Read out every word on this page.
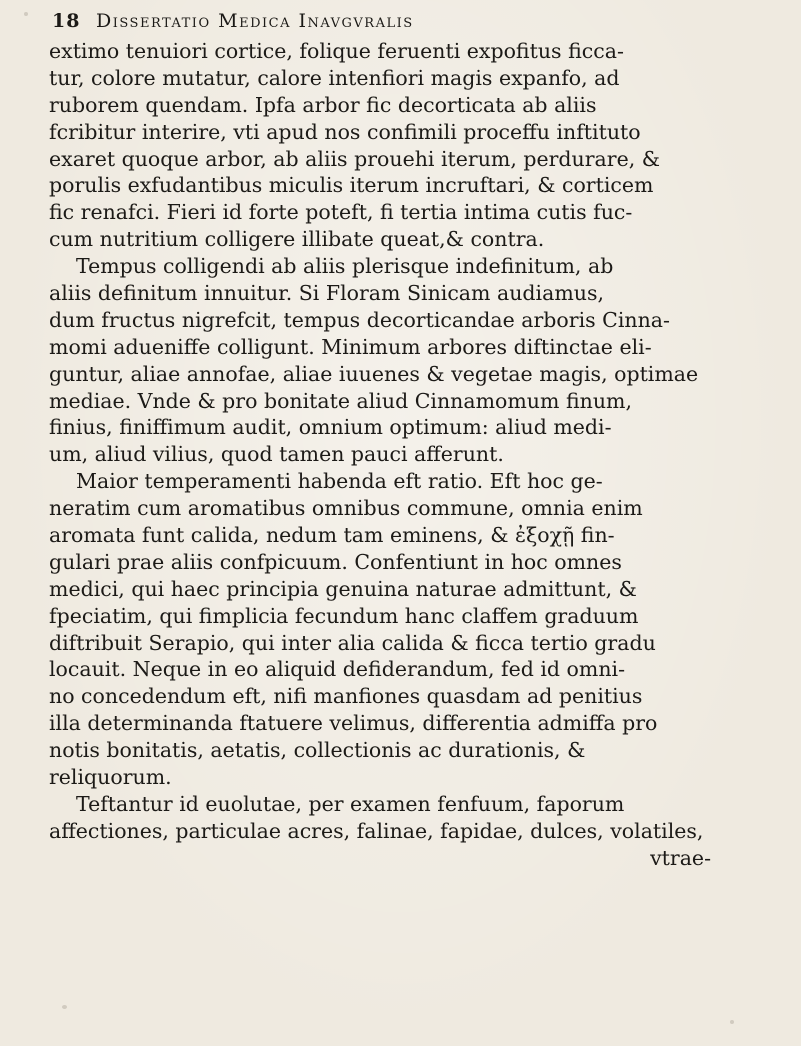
18 Dissertatio Medica Inavgvralis
extimo tenuiori cortice, folique feruenti expofitus ficca-
tur, colore mutatur, calore intenfiori magis expanfo, ad
ruborem quendam. Ipfa arbor fic decorticata ab aliis
fcribitur interire, vti apud nos confimili proceffu inftituto
exaret quoque arbor, ab aliis prouehi iterum, perdurare, &
porulis exfudantibus miculis iterum incruftari, & corticem
fic renafci. Fieri id forte poteft, fi tertia intima cutis fuc-
cum nutritium colligere illibate queat,& contra.
Tempus colligendi ab aliis plerisque indefinitum, ab
aliis definitum innuitur. Si Floram Sinicam audiamus,
dum fructus nigrefcit, tempus decorticandae arboris Cinna-
momi adueniffe colligunt. Minimum arbores diftinctae eli-
guntur, aliae annofae, aliae iuuenes & vegetae magis, optimae
mediae. Vnde & pro bonitate aliud Cinnamomum finum,
finius, finiffimum audit, omnium optimum: aliud medi-
um, aliud vilius, quod tamen pauci afferunt.
Maior temperamenti habenda eft ratio. Eft hoc ge-
neratim cum aromatibus omnibus commune, omnia enim
aromata funt calida, nedum tam eminens, & ἐξοχῇ fin-
gulari prae aliis confpicuum. Confentiunt in hoc omnes
medici, qui haec principia genuina naturae admittunt, &
fpeciatim, qui fimplicia fecundum hanc claffem graduum
diftribuit Serapio, qui inter alia calida & ficca tertio gradu
locauit. Neque in eo aliquid defiderandum, fed id omni-
no concedendum eft, nifi manfiones quasdam ad penitius
illa determinanda ftatuere velimus, differentia admiffa pro
notis bonitatis, aetatis, collectionis ac durationis, &
reliquorum.
Teftantur id euolutae, per examen fenfuum, faporum
affectiones, particulae acres, falinae, fapidae, dulces, volatiles,
vtrae-
